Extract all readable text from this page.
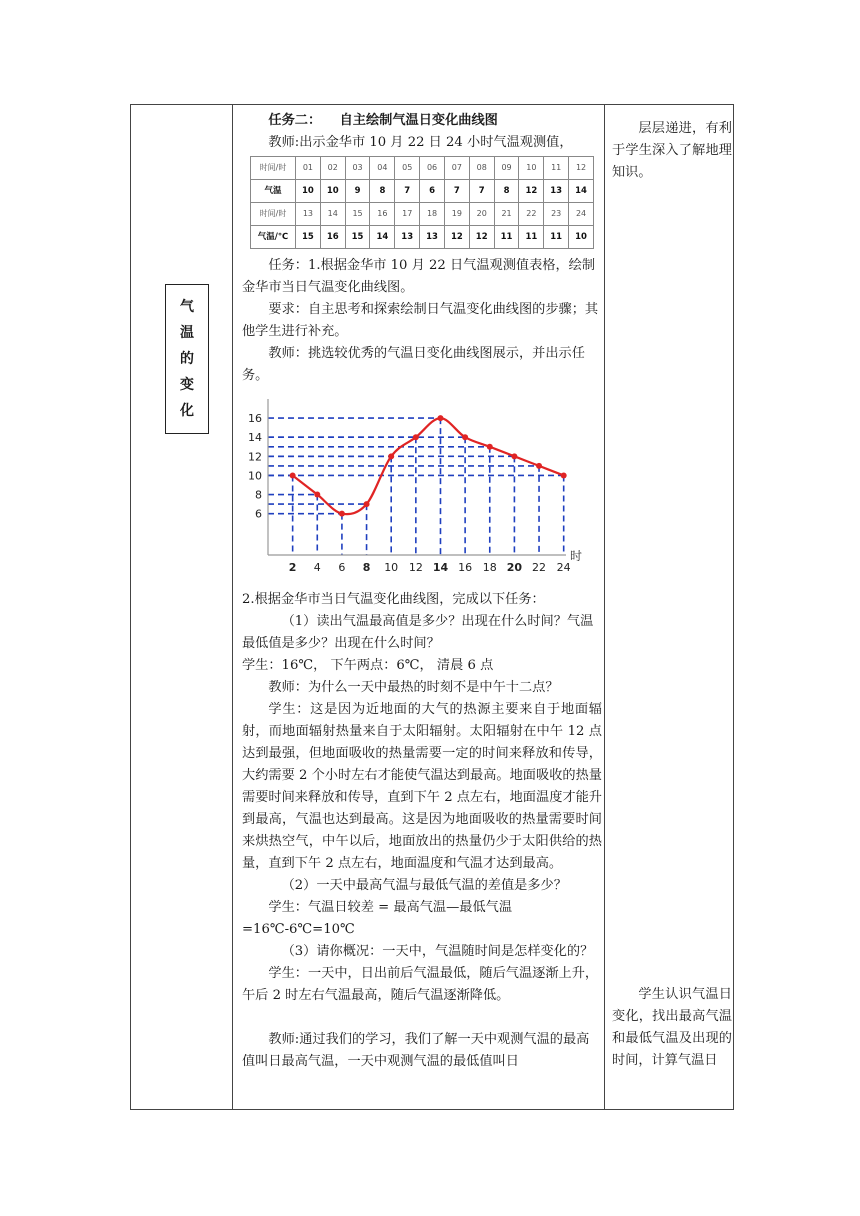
气
温
的
变
化

任务二： 自主绘制气温日变化曲线图

教师:出示金华市 10 月 22 日 24 小时气温观测值，

时间/时	01	02	03	04	05	06	07	08	09	10	11	12
气温	10	10	9	8	7	6	7	7	8	12	13	14
时间/时	13	14	15	16	17	18	19	20	21	22	23	24
气温/℃	15	16	15	14	13	13	12	12	11	11	11	10

任务：1.根据金华市 10 月 22 日气温观测值表格，绘制金华市当日气温变化曲线图。

要求：自主思考和探索绘制日气温变化曲线图的步骤；其他学生进行补充。

教师：挑选较优秀的气温日变化曲线图展示，并出示任务。

2 4 6 8 10 12 14 16 18 20 22 24
6
8
10
12
14
16
时

2.根据金华市当日气温变化曲线图，完成以下任务：

（1）读出气温最高值是多少？出现在什么时间？气温最低值是多少？出现在什么时间？

学生：16℃， 下午两点：6℃， 清晨 6 点

教师：为什么一天中最热的时刻不是中午十二点？

学生：这是因为近地面的大气的热源主要来自于地面辐射，而地面辐射热量来自于太阳辐射。太阳辐射在中午 12 点达到最强，但地面吸收的热量需要一定的时间来释放和传导，大约需要 2 个小时左右才能使气温达到最高。地面吸收的热量需要时间来释放和传导，直到下午 2 点左右，地面温度才能升到最高，气温也达到最高。这是因为地面吸收的热量需要时间来烘热空气，中午以后，地面放出的热量仍少于太阳供给的热量，直到下午 2 点左右，地面温度和气温才达到最高。

（2）一天中最高气温与最低气温的差值是多少？

学生：气温日较差 = 最高气温—最低气温=16℃-6℃=10℃

（3）请你概况：一天中，气温随时间是怎样变化的？

学生：一天中，日出前后气温最低，随后气温逐渐上升，午后 2 时左右气温最高，随后气温逐渐降低。

教师:通过我们的学习，我们了解一天中观测气温的最高值叫日最高气温，一天中观测气温的最低值叫日

层层递进，有利于学生深入了解地理知识。

学生认识气温日变化，找出最高气温和最低气温及出现的时间，计算气温日
